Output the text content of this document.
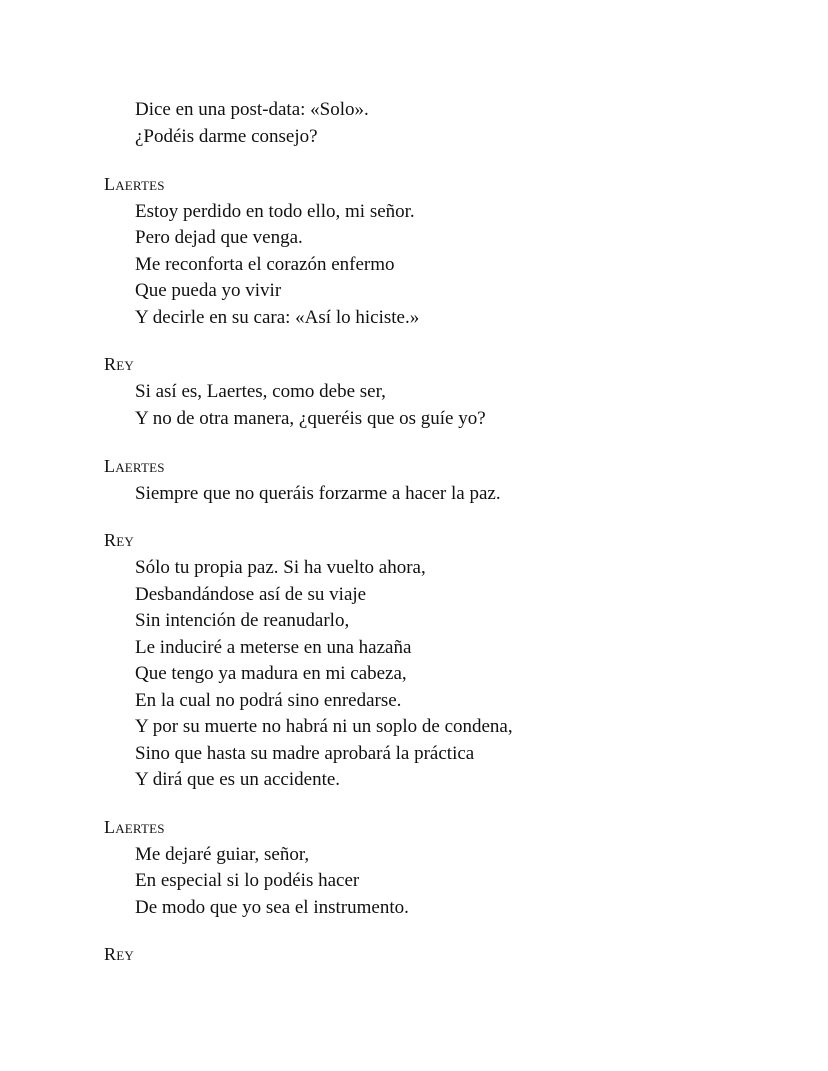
Dice en una post-data: «Solo».
¿Podéis darme consejo?
Laertes
Estoy perdido en todo ello, mi señor.
Pero dejad que venga.
Me reconforta el corazón enfermo
Que pueda yo vivir
Y decirle en su cara: «Así lo hiciste.»
Rey
Si así es, Laertes, como debe ser,
Y no de otra manera, ¿queréis que os guíe yo?
Laertes
Siempre que no queráis forzarme a hacer la paz.
Rey
Sólo tu propia paz. Si ha vuelto ahora,
Desbandándose así de su viaje
Sin intención de reanudarlo,
Le induciré a meterse en una hazaña
Que tengo ya madura en mi cabeza,
En la cual no podrá sino enredarse.
Y por su muerte no habrá ni un soplo de condena,
Sino que hasta su madre aprobará la práctica
Y dirá que es un accidente.
Laertes
Me dejaré guiar, señor,
En especial si lo podéis hacer
De modo que yo sea el instrumento.
Rey
